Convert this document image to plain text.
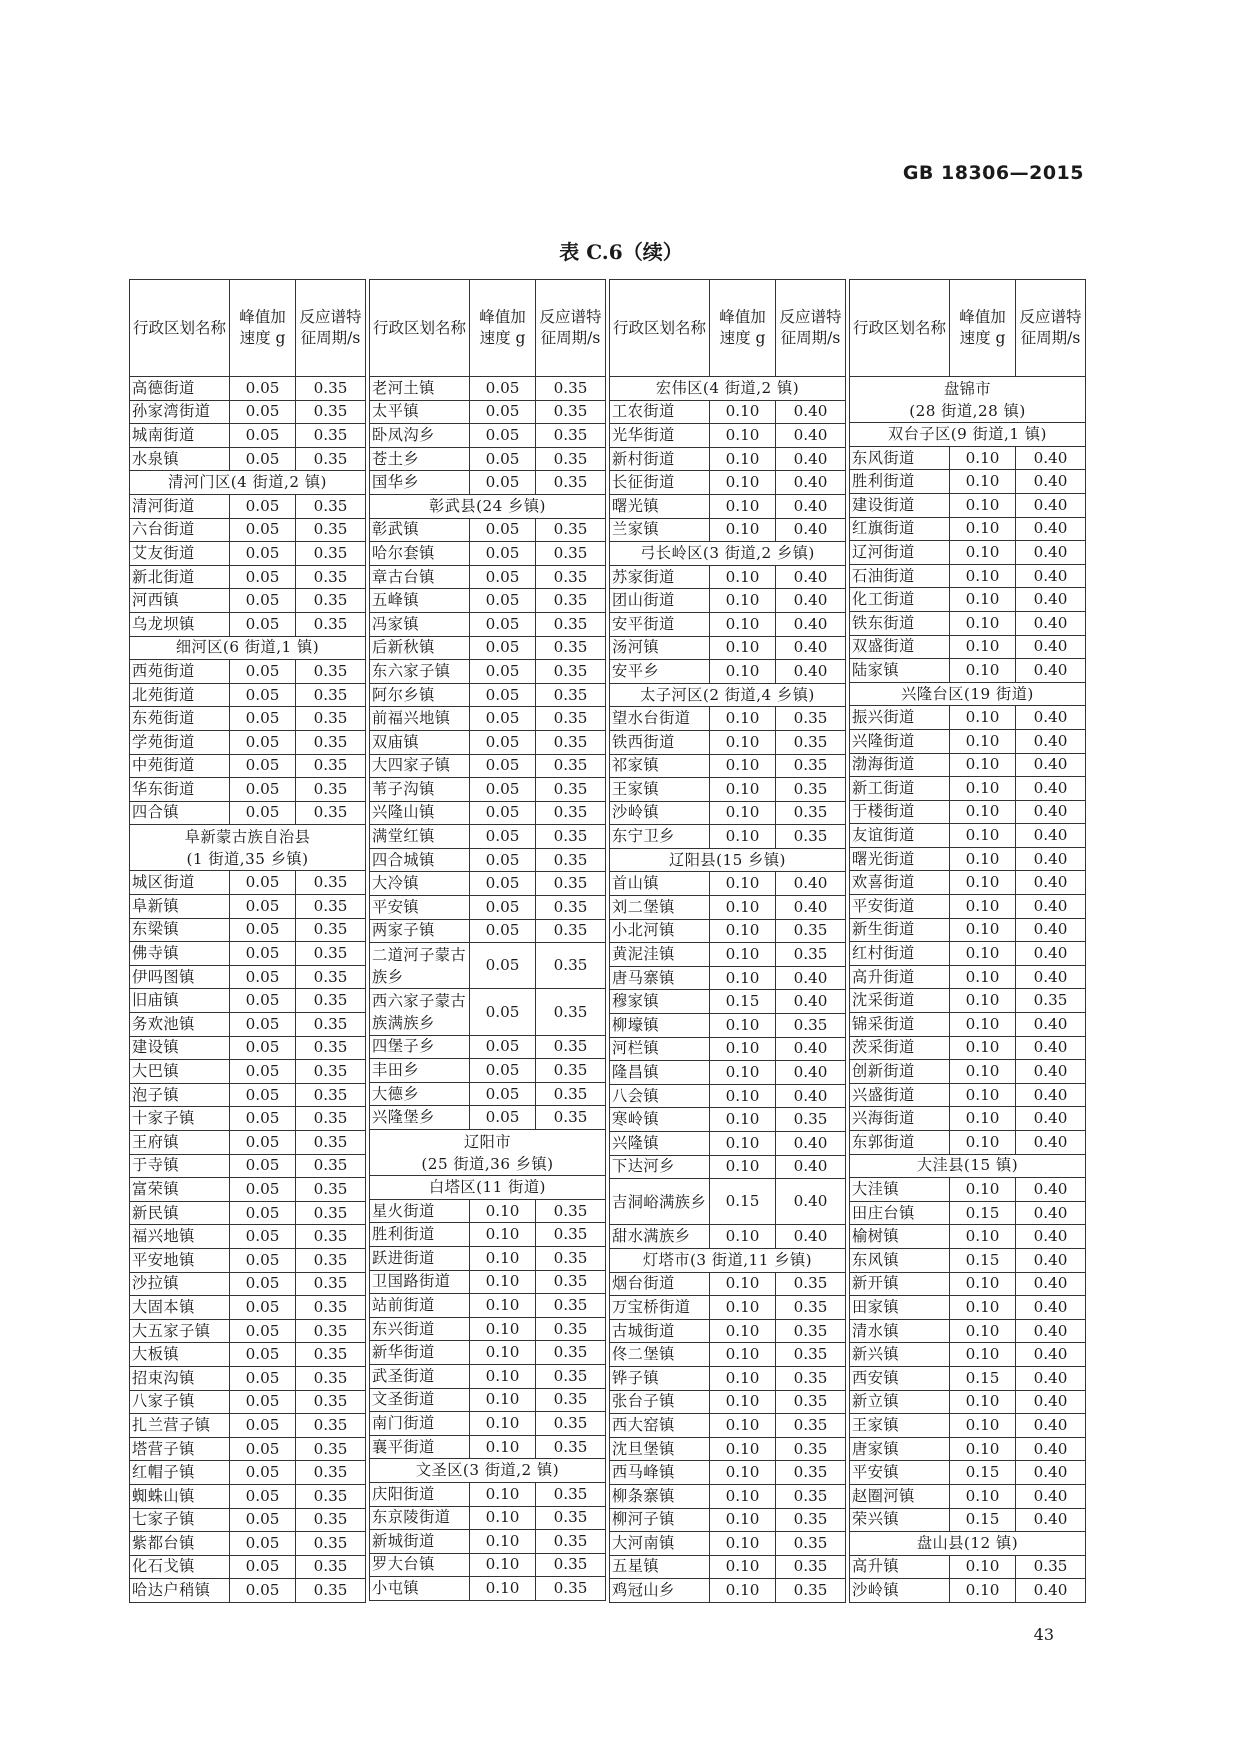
GB 18306—2015
表 C.6（续）
行政区划名称	峰值加速度 g	反应谱特征周期/s
高德街道	0.05	0.35
孙家湾街道	0.05	0.35
城南街道	0.05	0.35
水泉镇	0.05	0.35
清河门区(4 街道,2 镇)		
清河街道	0.05	0.35
六台街道	0.05	0.35
艾友街道	0.05	0.35
新北街道	0.05	0.35
河西镇	0.05	0.35
乌龙坝镇	0.05	0.35
细河区(6 街道,1 镇)		
西苑街道	0.05	0.35
北苑街道	0.05	0.35
东苑街道	0.05	0.35
学苑街道	0.05	0.35
中苑街道	0.05	0.35
华东街道	0.05	0.35
四合镇	0.05	0.35
阜新蒙古族自治县
(1 街道,35 乡镇)		
城区街道	0.05	0.35
阜新镇	0.05	0.35
东梁镇	0.05	0.35
佛寺镇	0.05	0.35
伊吗图镇	0.05	0.35
旧庙镇	0.05	0.35
务欢池镇	0.05	0.35
建设镇	0.05	0.35
大巴镇	0.05	0.35
泡子镇	0.05	0.35
十家子镇	0.05	0.35
王府镇	0.05	0.35
于寺镇	0.05	0.35
富荣镇	0.05	0.35
新民镇	0.05	0.35
福兴地镇	0.05	0.35
平安地镇	0.05	0.35
沙拉镇	0.05	0.35
大固本镇	0.05	0.35
大五家子镇	0.05	0.35
大板镇	0.05	0.35
招束沟镇	0.05	0.35
八家子镇	0.05	0.35
扎兰营子镇	0.05	0.35
塔营子镇	0.05	0.35
红帽子镇	0.05	0.35
蜘蛛山镇	0.05	0.35
七家子镇	0.05	0.35
紫都台镇	0.05	0.35
化石戈镇	0.05	0.35
哈达户稍镇	0.05	0.35
行政区划名称	峰值加速度 g	反应谱特征周期/s
老河土镇	0.05	0.35
太平镇	0.05	0.35
卧凤沟乡	0.05	0.35
苍土乡	0.05	0.35
国华乡	0.05	0.35
彰武县(24 乡镇)		
彰武镇	0.05	0.35
哈尔套镇	0.05	0.35
章古台镇	0.05	0.35
五峰镇	0.05	0.35
冯家镇	0.05	0.35
后新秋镇	0.05	0.35
东六家子镇	0.05	0.35
阿尔乡镇	0.05	0.35
前福兴地镇	0.05	0.35
双庙镇	0.05	0.35
大四家子镇	0.05	0.35
苇子沟镇	0.05	0.35
兴隆山镇	0.05	0.35
满堂红镇	0.05	0.35
四合城镇	0.05	0.35
大冷镇	0.05	0.35
平安镇	0.05	0.35
两家子镇	0.05	0.35
二道河子蒙古族乡	0.05	0.35
西六家子蒙古族满族乡	0.05	0.35
四堡子乡	0.05	0.35
丰田乡	0.05	0.35
大德乡	0.05	0.35
兴隆堡乡	0.05	0.35
辽阳市
(25 街道,36 乡镇)		
白塔区(11 街道)		
星火街道	0.10	0.35
胜利街道	0.10	0.35
跃进街道	0.10	0.35
卫国路街道	0.10	0.35
站前街道	0.10	0.35
东兴街道	0.10	0.35
新华街道	0.10	0.35
武圣街道	0.10	0.35
文圣街道	0.10	0.35
南门街道	0.10	0.35
襄平街道	0.10	0.35
文圣区(3 街道,2 镇)		
庆阳街道	0.10	0.35
东京陵街道	0.10	0.35
新城街道	0.10	0.35
罗大台镇	0.10	0.35
小屯镇	0.10	0.35
行政区划名称	峰值加速度 g	反应谱特征周期/s
宏伟区(4 街道,2 镇)		
工农街道	0.10	0.40
光华街道	0.10	0.40
新村街道	0.10	0.40
长征街道	0.10	0.40
曙光镇	0.10	0.40
兰家镇	0.10	0.40
弓长岭区(3 街道,2 乡镇)		
苏家街道	0.10	0.40
团山街道	0.10	0.40
安平街道	0.10	0.40
汤河镇	0.10	0.40
安平乡	0.10	0.40
太子河区(2 街道,4 乡镇)		
望水台街道	0.10	0.35
铁西街道	0.10	0.35
祁家镇	0.10	0.35
王家镇	0.10	0.35
沙岭镇	0.10	0.35
东宁卫乡	0.10	0.35
辽阳县(15 乡镇)		
首山镇	0.10	0.40
刘二堡镇	0.10	0.40
小北河镇	0.10	0.35
黄泥洼镇	0.10	0.35
唐马寨镇	0.10	0.40
穆家镇	0.15	0.40
柳壕镇	0.10	0.35
河栏镇	0.10	0.40
隆昌镇	0.10	0.40
八会镇	0.10	0.40
寒岭镇	0.10	0.35
兴隆镇	0.10	0.40
下达河乡	0.10	0.40
吉洞峪满族乡	0.15	0.40
甜水满族乡	0.10	0.40
灯塔市(3 街道,11 乡镇)		
烟台街道	0.10	0.35
万宝桥街道	0.10	0.35
古城街道	0.10	0.35
佟二堡镇	0.10	0.35
铧子镇	0.10	0.35
张台子镇	0.10	0.35
西大窑镇	0.10	0.35
沈旦堡镇	0.10	0.35
西马峰镇	0.10	0.35
柳条寨镇	0.10	0.35
柳河子镇	0.10	0.35
大河南镇	0.10	0.35
五星镇	0.10	0.35
鸡冠山乡	0.10	0.35
行政区划名称	峰值加速度 g	反应谱特征周期/s
盘锦市
(28 街道,28 镇)		
双台子区(9 街道,1 镇)		
东风街道	0.10	0.40
胜利街道	0.10	0.40
建设街道	0.10	0.40
红旗街道	0.10	0.40
辽河街道	0.10	0.40
石油街道	0.10	0.40
化工街道	0.10	0.40
铁东街道	0.10	0.40
双盛街道	0.10	0.40
陆家镇	0.10	0.40
兴隆台区(19 街道)		
振兴街道	0.10	0.40
兴隆街道	0.10	0.40
渤海街道	0.10	0.40
新工街道	0.10	0.40
于楼街道	0.10	0.40
友谊街道	0.10	0.40
曙光街道	0.10	0.40
欢喜街道	0.10	0.40
平安街道	0.10	0.40
新生街道	0.10	0.40
红村街道	0.10	0.40
高升街道	0.10	0.40
沈采街道	0.10	0.35
锦采街道	0.10	0.40
茨采街道	0.10	0.40
创新街道	0.10	0.40
兴盛街道	0.10	0.40
兴海街道	0.10	0.40
东郭街道	0.10	0.40
大洼县(15 镇)		
大洼镇	0.10	0.40
田庄台镇	0.15	0.40
榆树镇	0.10	0.40
东风镇	0.15	0.40
新开镇	0.10	0.40
田家镇	0.10	0.40
清水镇	0.10	0.40
新兴镇	0.10	0.40
西安镇	0.15	0.40
新立镇	0.10	0.40
王家镇	0.10	0.40
唐家镇	0.10	0.40
平安镇	0.15	0.40
赵圈河镇	0.10	0.40
荣兴镇	0.15	0.40
盘山县(12 镇)		
高升镇	0.10	0.35
沙岭镇	0.10	0.40
43
